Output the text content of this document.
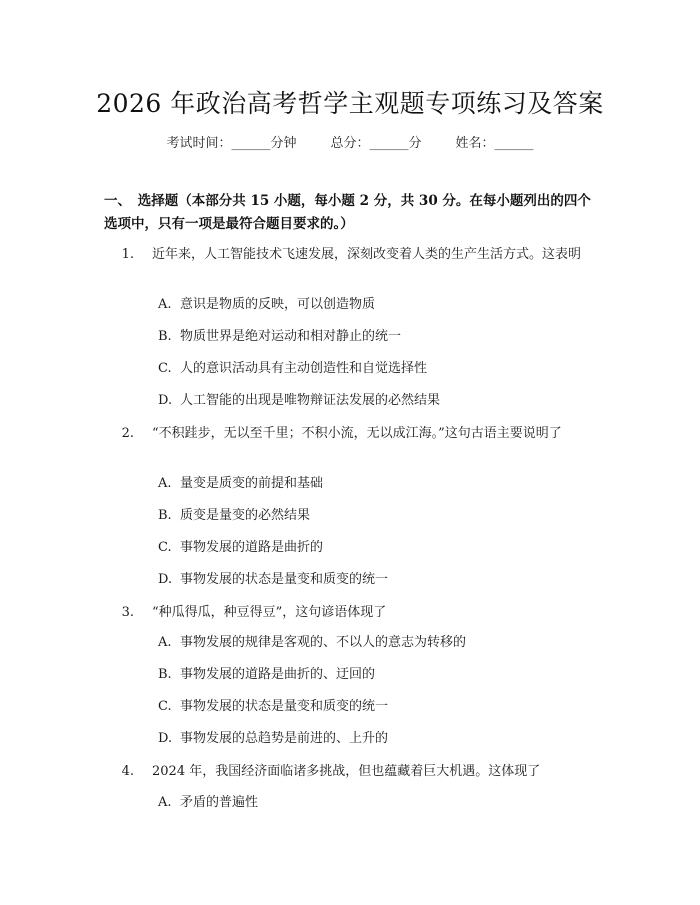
2026 年政治高考哲学主观题专项练习及答案
考试时间：______分钟	总分：______分	姓名：______
一、　选择题（本部分共 15 小题，每小题 2 分，共 30 分。在每小题列出的四个选项中，只有一项是最符合题目要求的。）
1. 近年来，人工智能技术飞速发展，深刻改变着人类的生产生活方式。这表明
A. 意识是物质的反映，可以创造物质
B. 物质世界是绝对运动和相对静止的统一
C. 人的意识活动具有主动创造性和自觉选择性
D. 人工智能的出现是唯物辩证法发展的必然结果
2. “不积跬步，无以至千里；不积小流，无以成江海。”这句古语主要说明了
A. 量变是质变的前提和基础
B. 质变是量变的必然结果
C. 事物发展的道路是曲折的
D. 事物发展的状态是量变和质变的统一
3. “种瓜得瓜，种豆得豆”，这句谚语体现了
A. 事物发展的规律是客观的、不以人的意志为转移的
B. 事物发展的道路是曲折的、迂回的
C. 事物发展的状态是量变和质变的统一
D. 事物发展的总趋势是前进的、上升的
4. 2024 年，我国经济面临诸多挑战，但也蕴藏着巨大机遇。这体现了
A. 矛盾的普遍性
